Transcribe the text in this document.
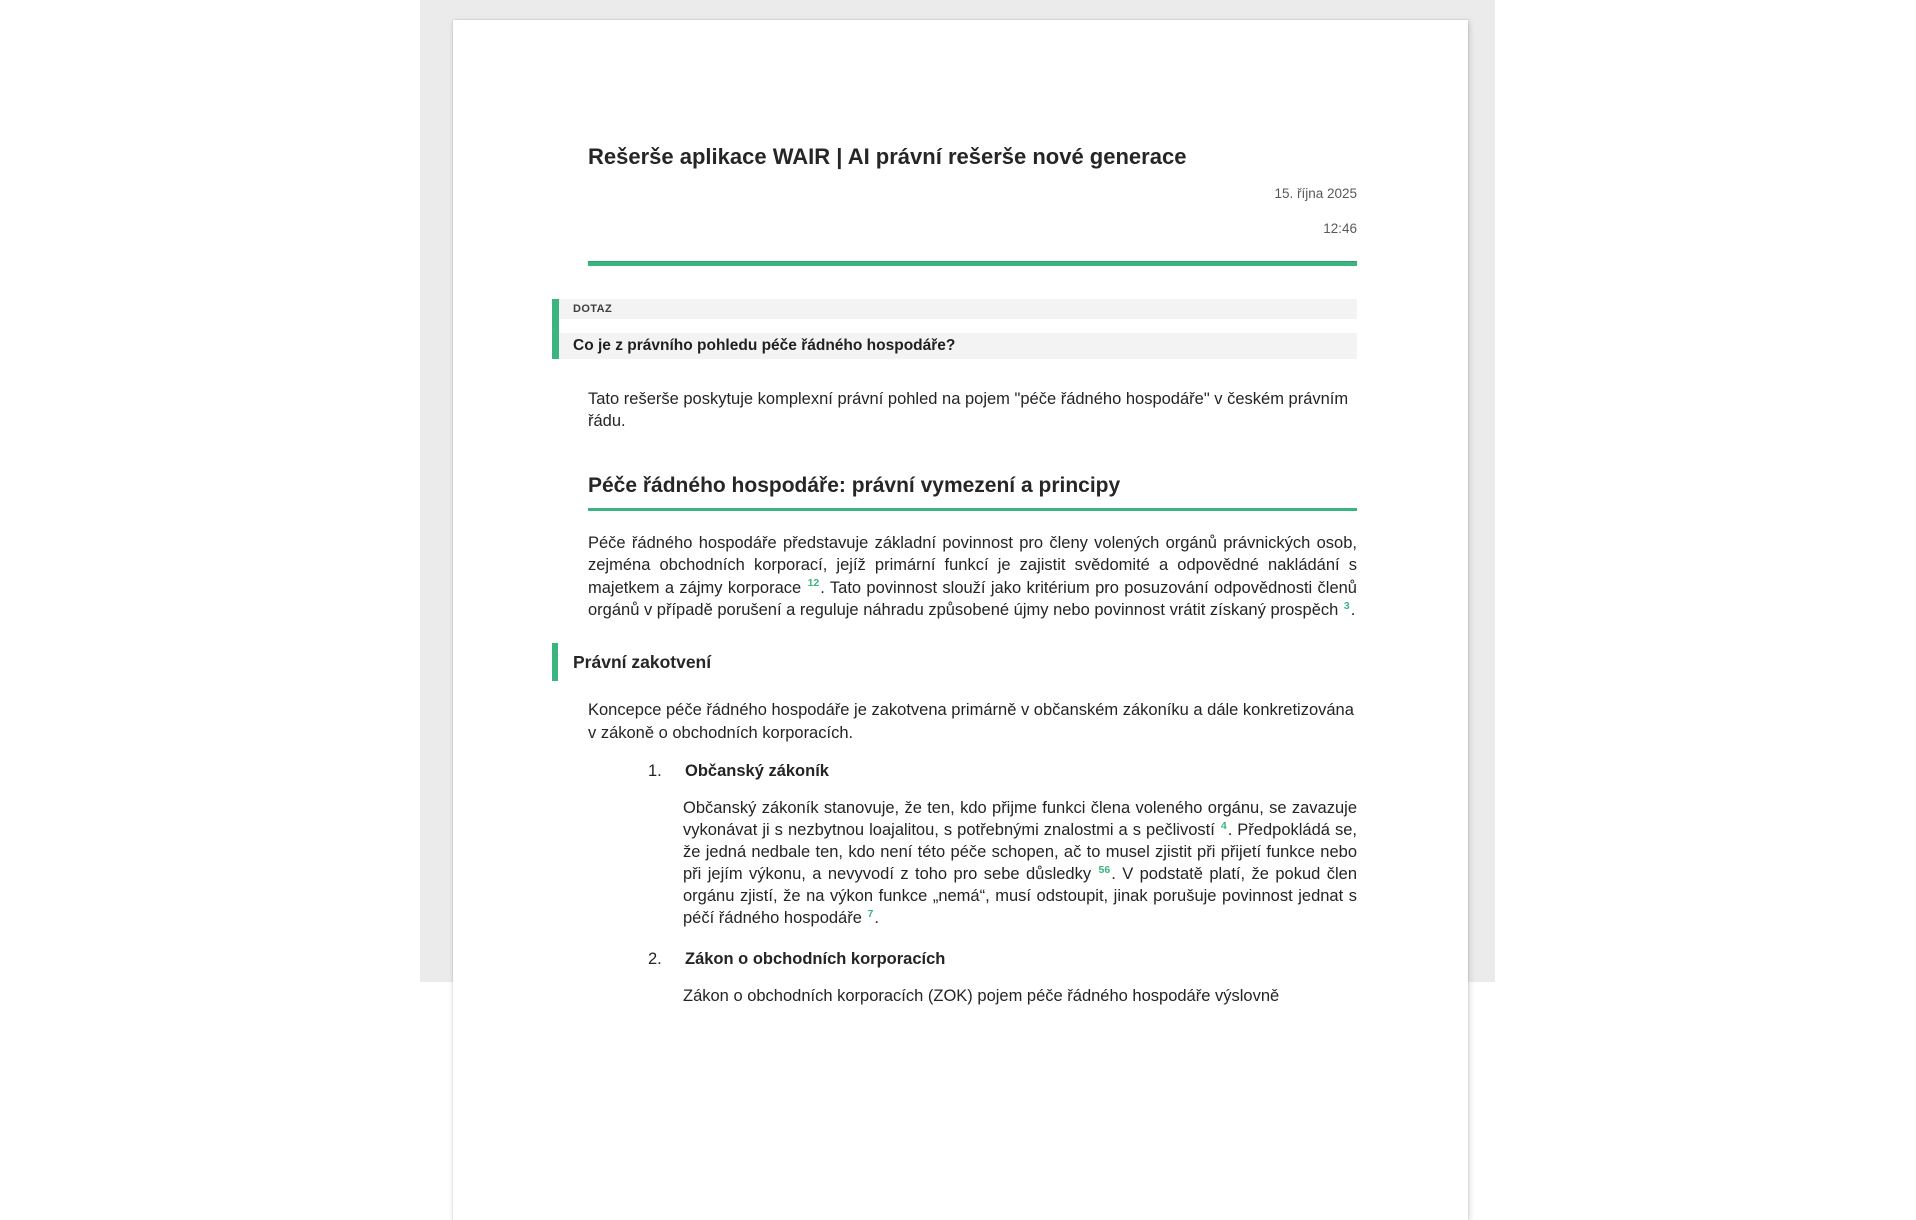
Rešerše aplikace WAIR | AI právní rešerše nové generace
15. října 2025
12:46
DOTAZ
Co je z právního pohledu péče řádného hospodáře?

Tato rešerše poskytuje komplexní právní pohled na pojem "péče řádného hospodáře" v českém právním řádu.

Péče řádného hospodáře: právní vymezení a principy

Péče řádného hospodáře představuje základní povinnost pro členy volených orgánů právnických osob, zejména obchodních korporací, jejíž primární funkcí je zajistit svědomité a odpovědné nakládání s majetkem a zájmy korporace $^{12}$. Tato povinnost slouží jako kritérium pro posuzování odpovědnosti členů orgánů v případě porušení a reguluje náhradu způsobené újmy nebo povinnost vrátit získaný prospěch $^3$.

Právní zakotvení

Koncepce péče řádného hospodáře je zakotvena primárně v občanském zákoníku a dále konkretizována v zákoně o obchodních korporacích.

1.	Občanský zákoník

Občanský zákoník stanovuje, že ten, kdo přijme funkci člena voleného orgánu, se zavazuje vykonávat ji s nezbytnou loajalitou, s potřebnými znalostmi a s pečlivostí $^4$. Předpokládá se, že jedná nedbale ten, kdo není této péče schopen, ač to musel zjistit při přijetí funkce nebo při jejím výkonu, a nevyvodí z toho pro sebe důsledky $^{56}$. V podstatě platí, že pokud člen orgánu zjistí, že na výkon funkce „nemá“, musí odstoupit, jinak porušuje povinnost jednat s péčí řádného hospodáře $^7$.

2.	Zákon o obchodních korporacích

Zákon o obchodních korporacích (ZOK) pojem péče řádného hospodáře výslovně
